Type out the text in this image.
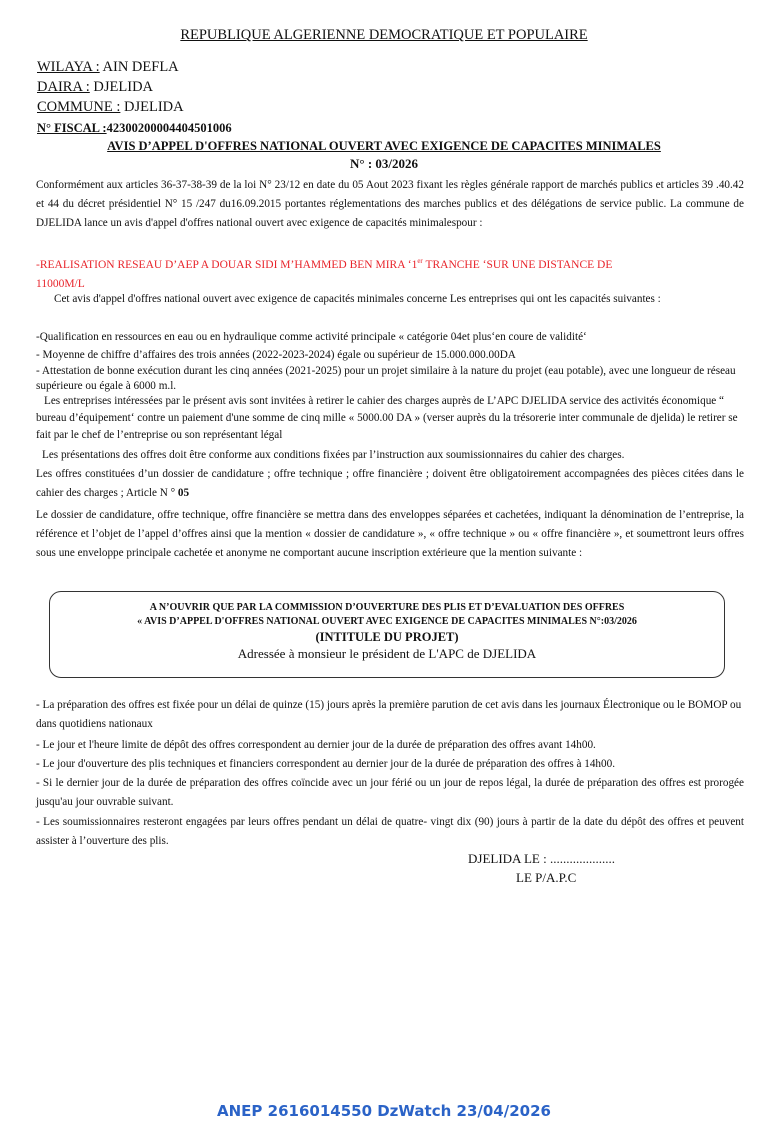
REPUBLIQUE ALGERIENNE DEMOCRATIQUE ET POPULAIRE
WILAYA : AIN DEFLA
DAIRA : DJELIDA
COMMUNE : DJELIDA
N° FISCAL :42300200004404501006
AVIS D’APPEL D'OFFRES NATIONAL OUVERT AVEC EXIGENCE DE CAPACITES MINIMALES
N° : 03/2026
Conformément aux articles 36-37-38-39 de la loi N° 23/12 en date du 05 Aout 2023 fixant les règles générale rapport de marchés publics et articles 39 .40.42 et 44 du décret présidentiel N° 15 /247 du16.09.2015 portantes réglementations des marches publics et des délégations de service public. La commune de DJELIDA lance un avis d'appel d'offres national ouvert avec exigence de capacités minimalespour :
-REALISATION RESEAU D’AEP A DOUAR SIDI M’HAMMED BEN MIRA ‘1er TRANCHE ‘SUR UNE DISTANCE DE
11000M/L
Cet avis d'appel d'offres national ouvert avec exigence de capacités minimales concerne Les entreprises qui ont les capacités suivantes :
-Qualification en ressources en eau ou en hydraulique comme activité principale « catégorie 04et plus‘en coure de validité‘
- Moyenne de chiffre d’affaires des trois années (2022-2023-2024) égale ou supérieur de 15.000.000.00DA
- Attestation de bonne exécution durant les cinq années (2021-2025) pour un projet similaire à la nature du projet (eau potable), avec une longueur de réseau supérieure ou égale à 6000 m.l.
Les entreprises intéressées par le présent avis sont invitées à retirer le cahier des charges auprès de L’APC DJELIDA service des activités économique “ bureau d’équipement‘ contre un paiement d'une somme de cinq mille « 5000.00 DA » (verser auprès du la trésorerie inter communale de djelida) le retirer se fait par le chef de l’entreprise ou son représentant légal
Les présentations des offres doit être conforme aux conditions fixées par l’instruction aux soumissionnaires du cahier des charges.
Les offres constituées d’un dossier de candidature ; offre technique ; offre financière ; doivent être obligatoirement accompagnées des pièces citées dans le cahier des charges ; Article N ° 05
Le dossier de candidature, offre technique, offre financière se mettra dans des enveloppes séparées et cachetées, indiquant la dénomination de l’entreprise, la référence et l’objet de l’appel d’offres ainsi que la mention « dossier de candidature », « offre technique » ou « offre financière », et soumettront leurs offres sous une enveloppe principale cachetée et anonyme ne comportant aucune inscription extérieure que la mention suivante :
A N’OUVRIR QUE PAR LA COMMISSION D’OUVERTURE DES PLIS ET D’EVALUATION DES OFFRES
« AVIS D’APPEL D'OFFRES NATIONAL OUVERT AVEC EXIGENCE DE CAPACITES MINIMALES N°:03/2026
(INTITULE DU PROJET)
Adressée à monsieur le président de L'APC de DJELIDA
- La préparation des offres est fixée pour un délai de quinze (15) jours après la première parution de cet avis dans les journaux Électronique ou le BOMOP ou dans quotidiens nationaux
- Le jour et l'heure limite de dépôt des offres correspondent au dernier jour de la durée de préparation des offres avant 14h00.
- Le jour d'ouverture des plis techniques et financiers correspondent au dernier jour de la durée de préparation des offres à 14h00.
- Si le dernier jour de la durée de préparation des offres coïncide avec un jour férié ou un jour de repos légal, la durée de préparation des offres est prorogée jusqu'au jour ouvrable suivant.
- Les soumissionnaires resteront engagées par leurs offres pendant un délai de quatre- vingt dix (90) jours à partir de la date du dépôt des offres et peuvent assister à l’ouverture des plis.
DJELIDA LE : ....................
LE P/A.P.C
ANEP 2616014550 DzWatch 23/04/2026
